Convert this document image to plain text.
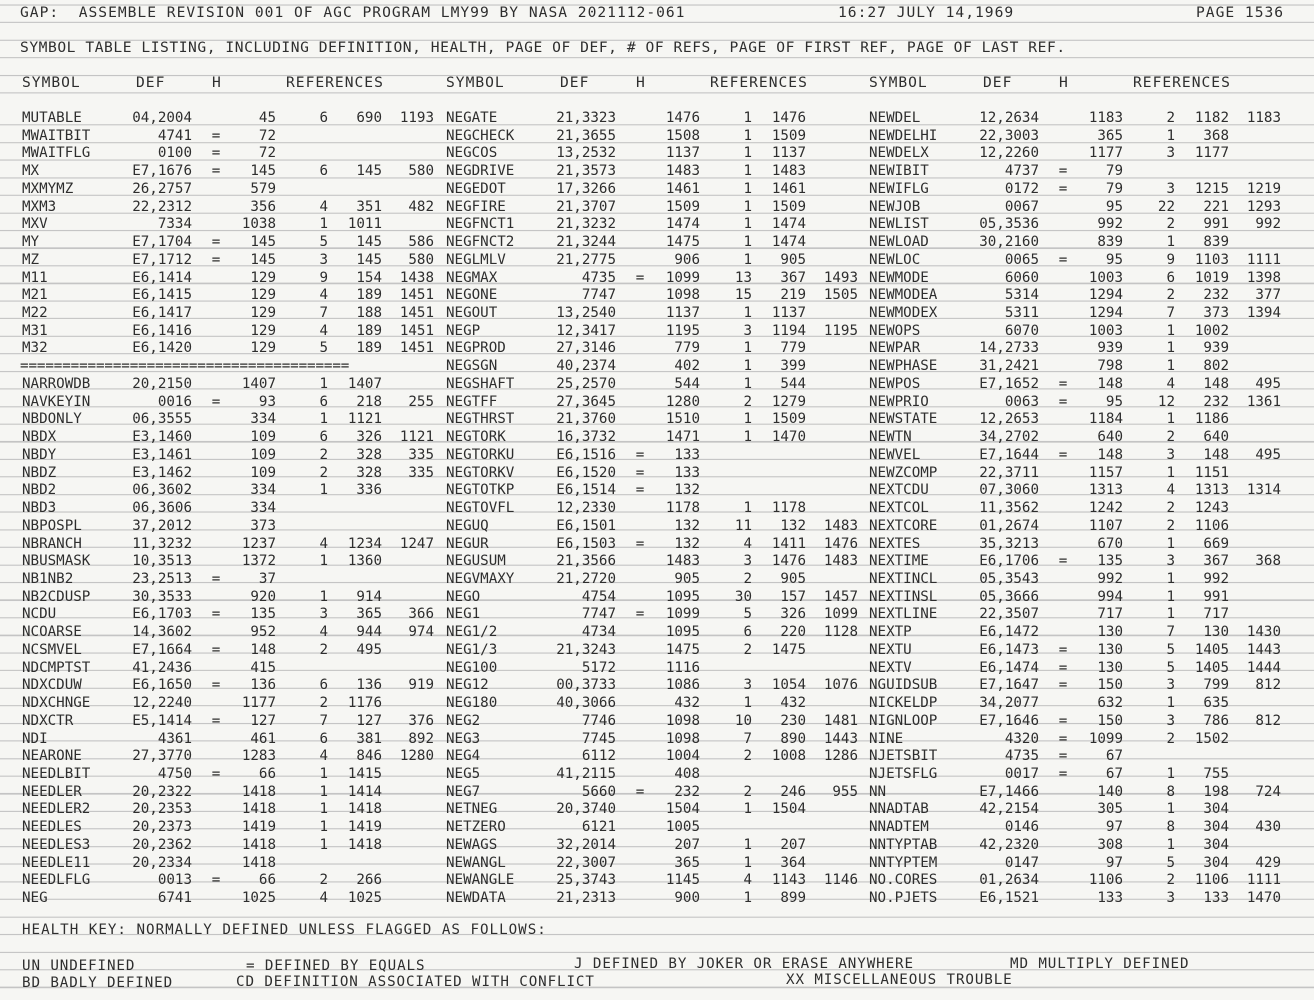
GAP:  ASSEMBLE REVISION 001 OF AGC PROGRAM LMY99 BY NASA 2021112-061	16:27 JULY 14,1969	PAGE 1536
SYMBOL TABLE LISTING, INCLUDING DEFINITION, HEALTH, PAGE OF DEF, # OF REFS, PAGE OF FIRST REF, PAGE OF LAST REF.
SYMBOL	DEF	H	REFERENCES	SYMBOL	DEF	H	REFERENCES	SYMBOL	DEF	H	REFERENCES
MUTABLE	04,2004	45	6	690	1193
MWAITBIT	4741	=	72
MWAITFLG	0100	=	72
MX	E7,1676	=	145	6	145	580
MXMYMZ	26,2757	579
MXM3	22,2312	356	4	351	482
MXV	7334	1038	1	1011
MY	E7,1704	=	145	5	145	586
MZ	E7,1712	=	145	3	145	580
M11	E6,1414	129	9	154	1438
M21	E6,1415	129	4	189	1451
M22	E6,1417	129	7	188	1451
M31	E6,1416	129	4	189	1451
M32	E6,1420	129	5	189	1451
=======================================
NARROWDB	20,2150	1407	1	1407
NAVKEYIN	0016	=	93	6	218	255
NBDONLY	06,3555	334	1	1121
NBDX	E3,1460	109	6	326	1121
NBDY	E3,1461	109	2	328	335
NBDZ	E3,1462	109	2	328	335
NBD2	06,3602	334	1	336
NBD3	06,3606	334
NBPOSPL	37,2012	373
NBRANCH	11,3232	1237	4	1234	1247
NBUSMASK	10,3513	1372	1	1360
NB1NB2	23,2513	=	37
NB2CDUSP	30,3533	920	1	914
NCDU	E6,1703	=	135	3	365	366
NCOARSE	14,3602	952	4	944	974
NCSMVEL	E7,1664	=	148	2	495
NDCMPTST	41,2436	415
NDXCDUW	E6,1650	=	136	6	136	919
NDXCHNGE	12,2240	1177	2	1176
NDXCTR	E5,1414	=	127	7	127	376
NDI	4361	461	6	381	892
NEARONE	27,3770	1283	4	846	1280
NEEDLBIT	4750	=	66	1	1415
NEEDLER	20,2322	1418	1	1414
NEEDLER2	20,2353	1418	1	1418
NEEDLES	20,2373	1419	1	1419
NEEDLES3	20,2362	1418	1	1418
NEEDLE11	20,2334	1418
NEEDLFLG	0013	=	66	2	266
NEG	6741	1025	4	1025
NEGATE	21,3323	1476	1	1476
NEGCHECK	21,3655	1508	1	1509
NEGCOS	13,2532	1137	1	1137
NEGDRIVE	21,3573	1483	1	1483
NEGEDOT	17,3266	1461	1	1461
NEGFIRE	21,3707	1509	1	1509
NEGFNCT1	21,3232	1474	1	1474
NEGFNCT2	21,3244	1475	1	1474
NEGLMLV	21,2775	906	1	905
NEGMAX	4735	=	1099	13	367	1493
NEGONE	7747	1098	15	219	1505
NEGOUT	13,2540	1137	1	1137
NEGP	12,3417	1195	3	1194	1195
NEGPROD	27,3146	779	1	779
NEGSGN	40,2374	402	1	399
NEGSHAFT	25,2570	544	1	544
NEGTFF	27,3645	1280	2	1279
NEGTHRST	21,3760	1510	1	1509
NEGTORK	16,3732	1471	1	1470
NEGTORKU	E6,1516	=	133
NEGTORKV	E6,1520	=	133
NEGTOTKP	E6,1514	=	132
NEGTOVFL	12,2330	1178	1	1178
NEGUQ	E6,1501	132	11	132	1483
NEGUR	E6,1503	=	132	4	1411	1476
NEGUSUM	21,3566	1483	3	1476	1483
NEGVMAXY	21,2720	905	2	905
NEGO	4754	1095	30	157	1457
NEG1	7747	=	1099	5	326	1099
NEG1/2	4734	1095	6	220	1128
NEG1/3	21,3243	1475	2	1475
NEG100	5172	1116
NEG12	00,3733	1086	3	1054	1076
NEG180	40,3066	432	1	432
NEG2	7746	1098	10	230	1481
NEG3	7745	1098	7	890	1443
NEG4	6112	1004	2	1008	1286
NEG5	41,2115	408
NEG7	5660	=	232	2	246	955
NETNEG	20,3740	1504	1	1504
NETZERO	6121	1005
NEWAGS	32,2014	207	1	207
NEWANGL	22,3007	365	1	364
NEWANGLE	25,3743	1145	4	1143	1146
NEWDATA	21,2313	900	1	899
NEWDEL	12,2634	1183	2	1182	1183
NEWDELHI	22,3003	365	1	368
NEWDELX	12,2260	1177	3	1177
NEWIBIT	4737	=	79
NEWIFLG	0172	=	79	3	1215	1219
NEWJOB	0067	95	22	221	1293
NEWLIST	05,3536	992	2	991	992
NEWLOAD	30,2160	839	1	839
NEWLOC	0065	=	95	9	1103	1111
NEWMODE	6060	1003	6	1019	1398
NEWMODEA	5314	1294	2	232	377
NEWMODEX	5311	1294	7	373	1394
NEWOPS	6070	1003	1	1002
NEWPAR	14,2733	939	1	939
NEWPHASE	31,2421	798	1	802
NEWPOS	E7,1652	=	148	4	148	495
NEWPRIO	0063	=	95	12	232	1361
NEWSTATE	12,2653	1184	1	1186
NEWTN	34,2702	640	2	640
NEWVEL	E7,1644	=	148	3	148	495
NEWZCOMP	22,3711	1157	1	1151
NEXTCDU	07,3060	1313	4	1313	1314
NEXTCOL	11,3562	1242	2	1243
NEXTCORE	01,2674	1107	2	1106
NEXTES	35,3213	670	1	669
NEXTIME	E6,1706	=	135	3	367	368
NEXTINCL	05,3543	992	1	992
NEXTINSL	05,3666	994	1	991
NEXTLINE	22,3507	717	1	717
NEXTP	E6,1472	130	7	130	1430
NEXTU	E6,1473	=	130	5	1405	1443
NEXTV	E6,1474	=	130	5	1405	1444
NGUIDSUB	E7,1647	=	150	3	799	812
NICKELDP	34,2077	632	1	635
NIGNLOOP	E7,1646	=	150	3	786	812
NINE	4320	=	1099	2	1502
NJETSBIT	4735	=	67
NJETSFLG	0017	=	67	1	755
NN	E7,1466	140	8	198	724
NNADTAB	42,2154	305	1	304
NNADTEM	0146	97	8	304	430
NNTYPTAB	42,2320	308	1	304
NNTYPTEM	0147	97	5	304	429
NO.CORES	01,2634	1106	2	1106	1111
NO.PJETS	E6,1521	133	3	133	1470
HEALTH KEY: NORMALLY DEFINED UNLESS FLAGGED AS FOLLOWS:
UN UNDEFINED	= DEFINED BY EQUALS	J DEFINED BY JOKER OR ERASE ANYWHERE	MD MULTIPLY DEFINED
BD BADLY DEFINED	CD DEFINITION ASSOCIATED WITH CONFLICT	XX MISCELLANEOUS TROUBLE
